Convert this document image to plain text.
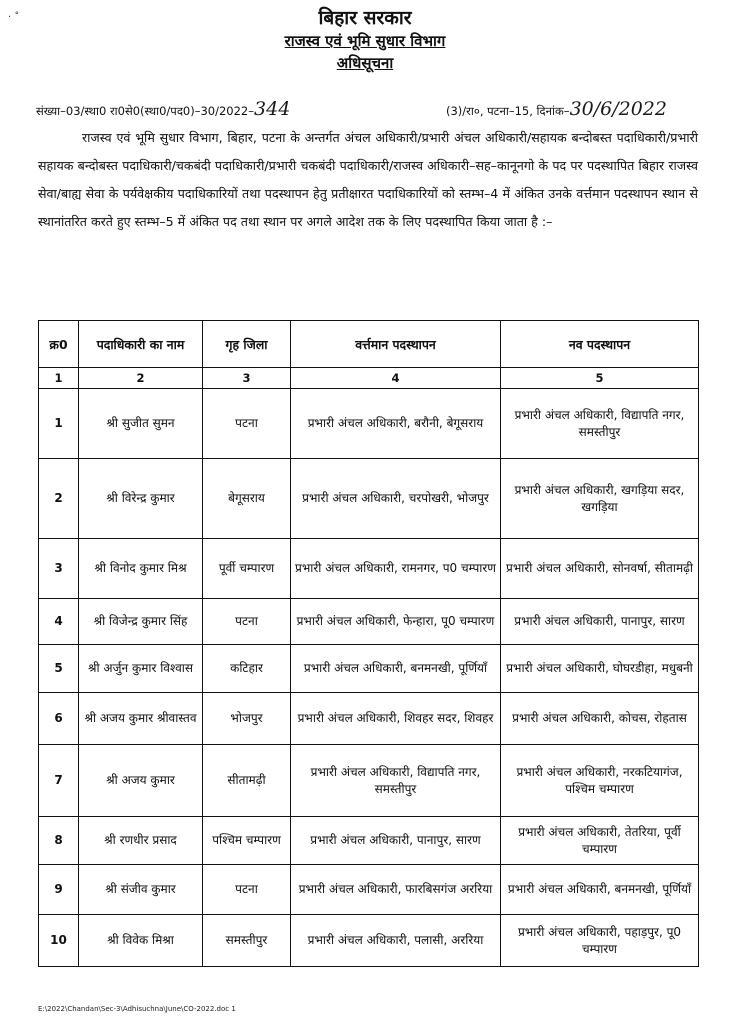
· ˚	बिहार सरकार
राजस्व एवं भूमि सुधार विभाग
अधिसूचना
संख्या–03/स्था0 रा0से0(स्था0/पद0)–30/2022–344	(3)/रा०, पटना–15, दिनांक–30/6/2022
राजस्व एवं भूमि सुधार विभाग, बिहार, पटना के अन्तर्गत अंचल अधिकारी/प्रभारी अंचल अधिकारी/सहायक बन्दोबस्त पदाधिकारी/प्रभारी सहायक बन्दोबस्त पदाधिकारी/चकबंदी पदाधिकारी/प्रभारी चकबंदी पदाधिकारी/राजस्व अधिकारी–सह–कानूनगो के पद पर पदस्थापित बिहार राजस्व सेवा/बाह्य सेवा के पर्यवेक्षकीय पदाधिकारियों तथा पदस्थापन हेतु प्रतीक्षारत पदाधिकारियों को स्तम्भ–4 में अंकित उनके वर्त्तमान पदस्थापन स्थान से स्थानांतरित करते हुए स्तम्भ–5 में अंकित पद तथा स्थान पर अगले आदेश तक के लिए पदस्थापित किया जाता है :–
क्र0	पदाधिकारी का नाम	गृह जिला	वर्त्तमान पदस्थापन	नव पदस्थापन
1	2	3	4	5
1	श्री सुजीत सुमन	पटना	प्रभारी अंचल अधिकारी, बरौनी, बेगूसराय	प्रभारी अंचल अधिकारी, विद्यापति नगर, समस्तीपुर
2	श्री विरेन्द्र कुमार	बेगूसराय	प्रभारी अंचल अधिकारी, चरपोखरी, भोजपुर	प्रभारी अंचल अधिकारी, खगड़िया सदर, खगड़िया
3	श्री विनोद कुमार मिश्र	पूर्वी चम्पारण	प्रभारी अंचल अधिकारी, रामनगर, प0 चम्पारण	प्रभारी अंचल अधिकारी, सोनवर्षा, सीतामढ़ी
4	श्री विजेन्द्र कुमार सिंह	पटना	प्रभारी अंचल अधिकारी, फेन्हारा, पू0 चम्पारण	प्रभारी अंचल अधिकारी, पानापुर, सारण
5	श्री अर्जुन कुमार विश्वास	कटिहार	प्रभारी अंचल अधिकारी, बनमनखी, पूर्णियाँ	प्रभारी अंचल अधिकारी, घोघरडीहा, मधुबनी
6	श्री अजय कुमार श्रीवास्तव	भोजपुर	प्रभारी अंचल अधिकारी, शिवहर सदर, शिवहर	प्रभारी अंचल अधिकारी, कोचस, रोहतास
7	श्री अजय कुमार	सीतामढ़ी	प्रभारी अंचल अधिकारी, विद्यापति नगर, समस्तीपुर	प्रभारी अंचल अधिकारी, नरकटियागंज, पश्चिम चम्पारण
8	श्री रणधीर प्रसाद	पश्चिम चम्पारण	प्रभारी अंचल अधिकारी, पानापुर, सारण	प्रभारी अंचल अधिकारी, तेतरिया, पूर्वी चम्पारण
9	श्री संजीव कुमार	पटना	प्रभारी अंचल अधिकारी, फारबिसगंज अररिया	प्रभारी अंचल अधिकारी, बनमनखी, पूर्णियाँ
10	श्री विवेक मिश्रा	समस्तीपुर	प्रभारी अंचल अधिकारी, पलासी, अररिया	प्रभारी अंचल अधिकारी, पहाड़पुर, पू0 चम्पारण
E:\2022\Chandan\Sec-3\Adhisuchna\June\CO-2022.doc 1
